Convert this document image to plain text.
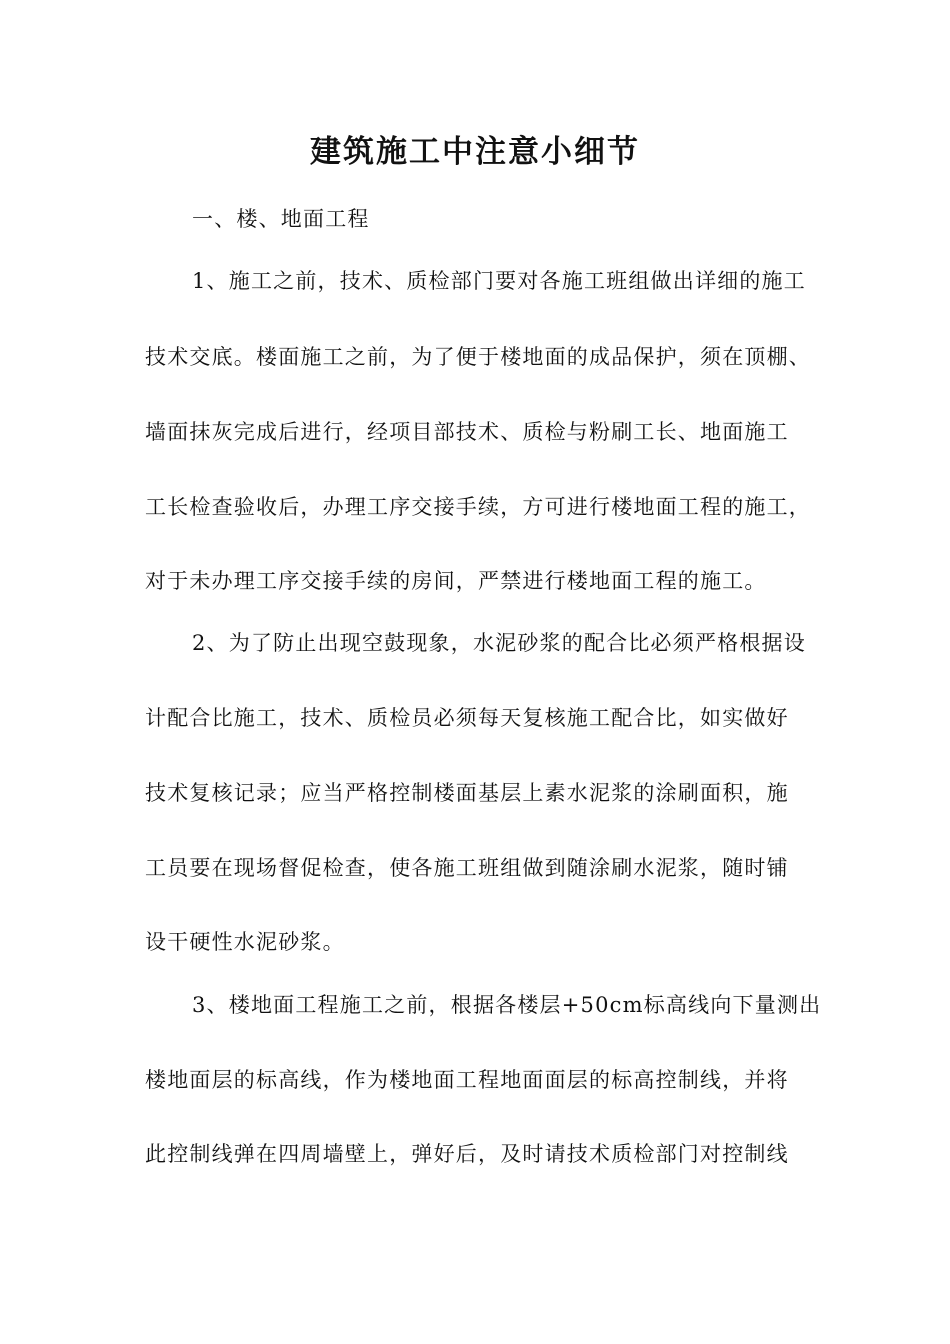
建筑施工中注意小细节
一、楼、地面工程
1、施工之前，技术、质检部门要对各施工班组做出详细的施工
技术交底。楼面施工之前，为了便于楼地面的成品保护，须在顶棚、
墙面抹灰完成后进行，经项目部技术、质检与粉刷工长、地面施工
工长检查验收后，办理工序交接手续，方可进行楼地面工程的施工，
对于未办理工序交接手续的房间，严禁进行楼地面工程的施工。
2、为了防止出现空鼓现象，水泥砂浆的配合比必须严格根据设
计配合比施工，技术、质检员必须每天复核施工配合比，如实做好
技术复核记录；应当严格控制楼面基层上素水泥浆的涂刷面积，施
工员要在现场督促检查，使各施工班组做到随涂刷水泥浆，随时铺
设干硬性水泥砂浆。
3、楼地面工程施工之前，根据各楼层+50cm标高线向下量测出
楼地面层的标高线，作为楼地面工程地面面层的标高控制线，并将
此控制线弹在四周墙壁上，弹好后，及时请技术质检部门对控制线
